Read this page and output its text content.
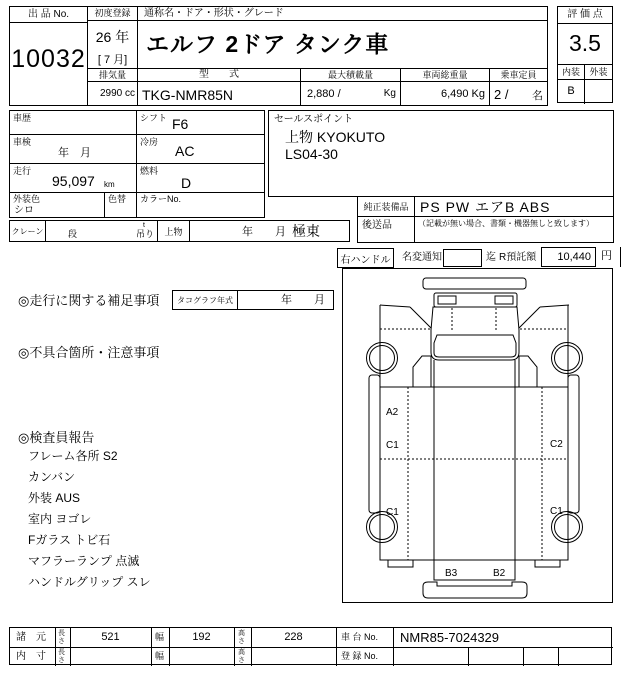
出 品 No.
10032
初度登録
26 年
[ 7 月]
通称名・ドア・形状・グレード
エルフ 2ドア タンク車
排気量
2990 cc
型　　式
TKG-NMR85N
最大積載量
2,880 /	Kg
車両総重量
6,490 Kg
乗車定員
2 / 名
評 価 点
3.5
内装	外装
B
車歴	シフト F6
車検
年　月
冷房
AC
走行
95,097 km
燃料
D
外装色
シロ
色替 カラーNo.
クレーン	段
t
吊り	上物	年　　月 極東
セールスポイント
上物 KYOKUTO
LS04-30
純正装備品 PS PW エアB ABS
後送品	（記載が無い場合、書類・機器無しと致します）
右ハンドル	名変通知	迄 R預託額 10,440 円
◎走行に関する補足事項	タコグラフ年式	年　　月
◎不具合箇所・注意事項
◎検査員報告
フレーム各所 S2
カンバン
外装 AUS
室内 ヨゴレ
Fガラス トビ石
マフラーランプ 点滅
ハンドルグリップ スレ
A2
C1	C2
C1	C1
B3	B2
諸　元 長さ	521	幅	192	高さ	228	車 台 No. NMR85-7024329
内　寸 長さ	幅	高さ	登 録 No.
